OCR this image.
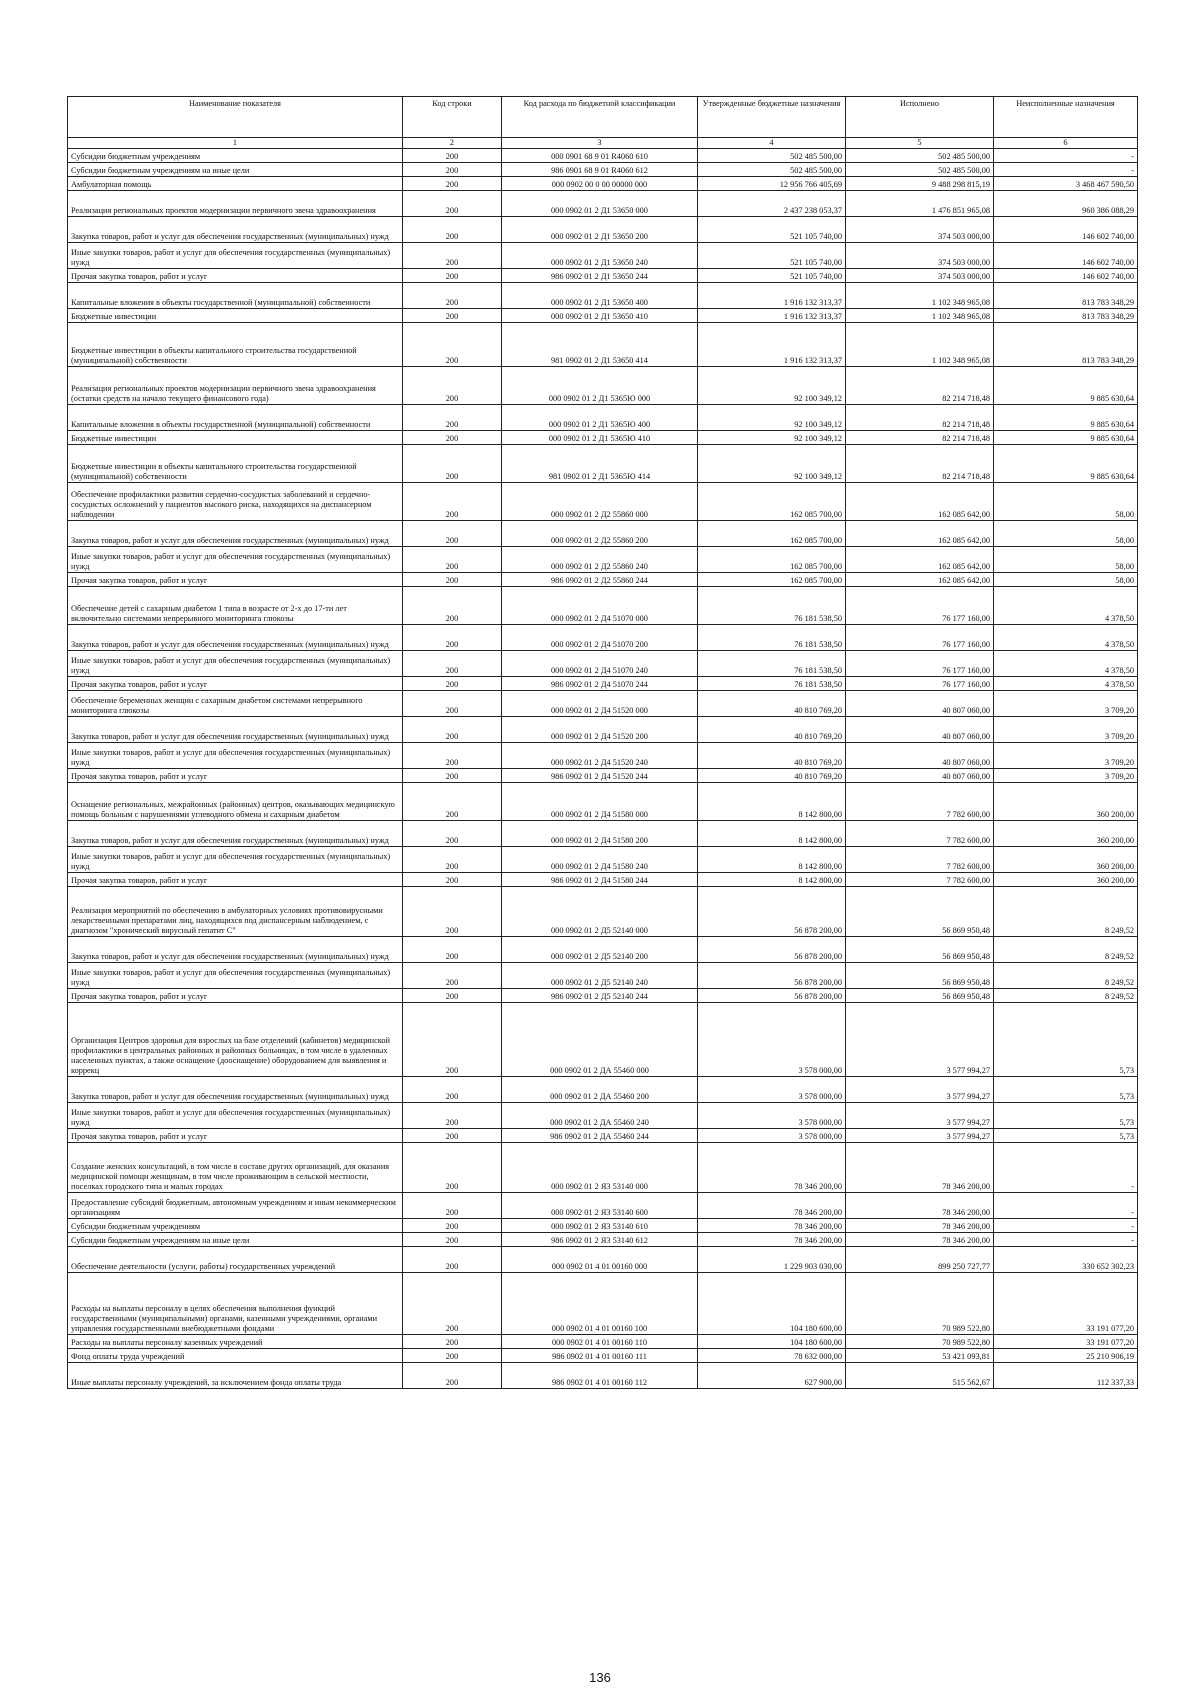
Наименование показателя	Код строки	Код расхода по бюджетной классификации	Утвержденные бюджетные назначения	Исполнено	Неисполненные назначения
1	2	3	4	5	6
Субсидии бюджетным учреждениям	200	000 0901 68 9 01 R4060 610	502 485 500,00	502 485 500,00	-
Субсидии бюджетным учреждениям на иные цели	200	986 0901 68 9 01 R4060 612	502 485 500,00	502 485 500,00	-
Амбулаторная помощь	200	000 0902 00 0 00 00000 000	12 956 766 405,69	9 488 298 815,19	3 468 467 590,50
Реализация региональных проектов модернизации первичного звена здравоохранения	200	000 0902 01 2 Д1 53650 000	2 437 238 053,37	1 476 851 965,08	960 386 088,29
Закупка товаров, работ и услуг для обеспечения государственных (муниципальных) нужд	200	000 0902 01 2 Д1 53650 200	521 105 740,00	374 503 000,00	146 602 740,00
Иные закупки товаров, работ и услуг для обеспечения государственных (муниципальных) нужд	200	000 0902 01 2 Д1 53650 240	521 105 740,00	374 503 000,00	146 602 740,00
Прочая закупка товаров, работ и услуг	200	986 0902 01 2 Д1 53650 244	521 105 740,00	374 503 000,00	146 602 740,00
Капитальные вложения в объекты государственной (муниципальной) собственности	200	000 0902 01 2 Д1 53650 400	1 916 132 313,37	1 102 348 965,08	813 783 348,29
Бюджетные инвестиции	200	000 0902 01 2 Д1 53650 410	1 916 132 313,37	1 102 348 965,08	813 783 348,29
Бюджетные инвестиции в объекты капитального строительства государственной (муниципальной) собственности	200	981 0902 01 2 Д1 53650 414	1 916 132 313,37	1 102 348 965,08	813 783 348,29
Реализация региональных проектов модернизации первичного звена здравоохранения (остатки средств на начало текущего финансового года)	200	000 0902 01 2 Д1 5365Ю 000	92 100 349,12	82 214 718,48	9 885 630,64
Капитальные вложения в объекты государственной (муниципальной) собственности	200	000 0902 01 2 Д1 5365Ю 400	92 100 349,12	82 214 718,48	9 885 630,64
Бюджетные инвестиции	200	000 0902 01 2 Д1 5365Ю 410	92 100 349,12	82 214 718,48	9 885 630,64
Бюджетные инвестиции в объекты капитального строительства государственной (муниципальной) собственности	200	981 0902 01 2 Д1 5365Ю 414	92 100 349,12	82 214 718,48	9 885 630,64
Обеспечение профилактики развития сердечно-сосудистых заболеваний и сердечно-сосудистых осложнений у пациентов высокого риска, находящихся на диспансерном наблюдении	200	000 0902 01 2 Д2 55860 000	162 085 700,00	162 085 642,00	58,00
Закупка товаров, работ и услуг для обеспечения государственных (муниципальных) нужд	200	000 0902 01 2 Д2 55860 200	162 085 700,00	162 085 642,00	58,00
Иные закупки товаров, работ и услуг для обеспечения государственных (муниципальных) нужд	200	000 0902 01 2 Д2 55860 240	162 085 700,00	162 085 642,00	58,00
Прочая закупка товаров, работ и услуг	200	986 0902 01 2 Д2 55860 244	162 085 700,00	162 085 642,00	58,00
Обеспечение детей с сахарным диабетом 1 типа в возрасте от 2-х до 17-ти лет включительно системами непрерывного мониторинга глюкозы	200	000 0902 01 2 Д4 51070 000	76 181 538,50	76 177 160,00	4 378,50
Закупка товаров, работ и услуг для обеспечения государственных (муниципальных) нужд	200	000 0902 01 2 Д4 51070 200	76 181 538,50	76 177 160,00	4 378,50
Иные закупки товаров, работ и услуг для обеспечения государственных (муниципальных) нужд	200	000 0902 01 2 Д4 51070 240	76 181 538,50	76 177 160,00	4 378,50
Прочая закупка товаров, работ и услуг	200	986 0902 01 2 Д4 51070 244	76 181 538,50	76 177 160,00	4 378,50
Обеспечение беременных женщин с сахарным диабетом системами непрерывного мониторинга глюкозы	200	000 0902 01 2 Д4 51520 000	40 810 769,20	40 807 060,00	3 709,20
Закупка товаров, работ и услуг для обеспечения государственных (муниципальных) нужд	200	000 0902 01 2 Д4 51520 200	40 810 769,20	40 807 060,00	3 709,20
Иные закупки товаров, работ и услуг для обеспечения государственных (муниципальных) нужд	200	000 0902 01 2 Д4 51520 240	40 810 769,20	40 807 060,00	3 709,20
Прочая закупка товаров, работ и услуг	200	986 0902 01 2 Д4 51520 244	40 810 769,20	40 807 060,00	3 709,20
Оснащение региональных, межрайонных (районных) центров, оказывающих медицинскую помощь больным с нарушениями углеводного обмена и сахарным диабетом	200	000 0902 01 2 Д4 51580 000	8 142 800,00	7 782 600,00	360 200,00
Закупка товаров, работ и услуг для обеспечения государственных (муниципальных) нужд	200	000 0902 01 2 Д4 51580 200	8 142 800,00	7 782 600,00	360 200,00
Иные закупки товаров, работ и услуг для обеспечения государственных (муниципальных) нужд	200	000 0902 01 2 Д4 51580 240	8 142 800,00	7 782 600,00	360 200,00
Прочая закупка товаров, работ и услуг	200	986 0902 01 2 Д4 51580 244	8 142 800,00	7 782 600,00	360 200,00
Реализация мероприятий по обеспечению в амбулаторных условиях противовирусными лекарственными препаратами лиц, находящихся под диспансерным наблюдением, с диагнозом "хронический вирусный гепатит С"	200	000 0902 01 2 Д5 52140 000	56 878 200,00	56 869 950,48	8 249,52
Закупка товаров, работ и услуг для обеспечения государственных (муниципальных) нужд	200	000 0902 01 2 Д5 52140 200	56 878 200,00	56 869 950,48	8 249,52
Иные закупки товаров, работ и услуг для обеспечения государственных (муниципальных) нужд	200	000 0902 01 2 Д5 52140 240	56 878 200,00	56 869 950,48	8 249,52
Прочая закупка товаров, работ и услуг	200	986 0902 01 2 Д5 52140 244	56 878 200,00	56 869 950,48	8 249,52
Организация Центров здоровья для взрослых на базе отделений (кабинетов) медицинской профилактики в центральных районных и районных больницах, в том числе в удаленных населенных пунктах, а также оснащение (дооснащение) оборудованием для выявления и коррекц	200	000 0902 01 2 ДА 55460 000	3 578 000,00	3 577 994,27	5,73
Закупка товаров, работ и услуг для обеспечения государственных (муниципальных) нужд	200	000 0902 01 2 ДА 55460 200	3 578 000,00	3 577 994,27	5,73
Иные закупки товаров, работ и услуг для обеспечения государственных (муниципальных) нужд	200	000 0902 01 2 ДА 55460 240	3 578 000,00	3 577 994,27	5,73
Прочая закупка товаров, работ и услуг	200	986 0902 01 2 ДА 55460 244	3 578 000,00	3 577 994,27	5,73
Создание женских консультаций, в том числе в составе других организаций, для оказания медицинской помощи женщинам, в том числе проживающим в сельской местности, поселках городского типа и малых городах	200	000 0902 01 2 Я3 53140 000	78 346 200,00	78 346 200,00	-
Предоставление субсидий бюджетным, автономным учреждениям и иным некоммерческим организациям	200	000 0902 01 2 Я3 53140 600	78 346 200,00	78 346 200,00	-
Субсидии бюджетным учреждениям	200	000 0902 01 2 Я3 53140 610	78 346 200,00	78 346 200,00	-
Субсидии бюджетным учреждениям на иные цели	200	986 0902 01 2 Я3 53140 612	78 346 200,00	78 346 200,00	-
Обеспечение деятельности (услуги, работы) государственных учреждений	200	000 0902 01 4 01 00160 000	1 229 903 030,00	899 250 727,77	330 652 302,23
Расходы на выплаты персоналу в целях обеспечения выполнения функций государственными (муниципальными) органами, казенными учреждениями, органами управления государственными внебюджетными фондами	200	000 0902 01 4 01 00160 100	104 180 600,00	70 989 522,80	33 191 077,20
Расходы на выплаты персоналу казенных учреждений	200	000 0902 01 4 01 00160 110	104 180 600,00	70 989 522,80	33 191 077,20
Фонд оплаты труда учреждений	200	986 0902 01 4 01 00160 111	78 632 000,00	53 421 093,81	25 210 906,19
Иные выплаты персоналу учреждений, за исключением фонда оплаты труда	200	986 0902 01 4 01 00160 112	627 900,00	515 562,67	112 337,33
136
